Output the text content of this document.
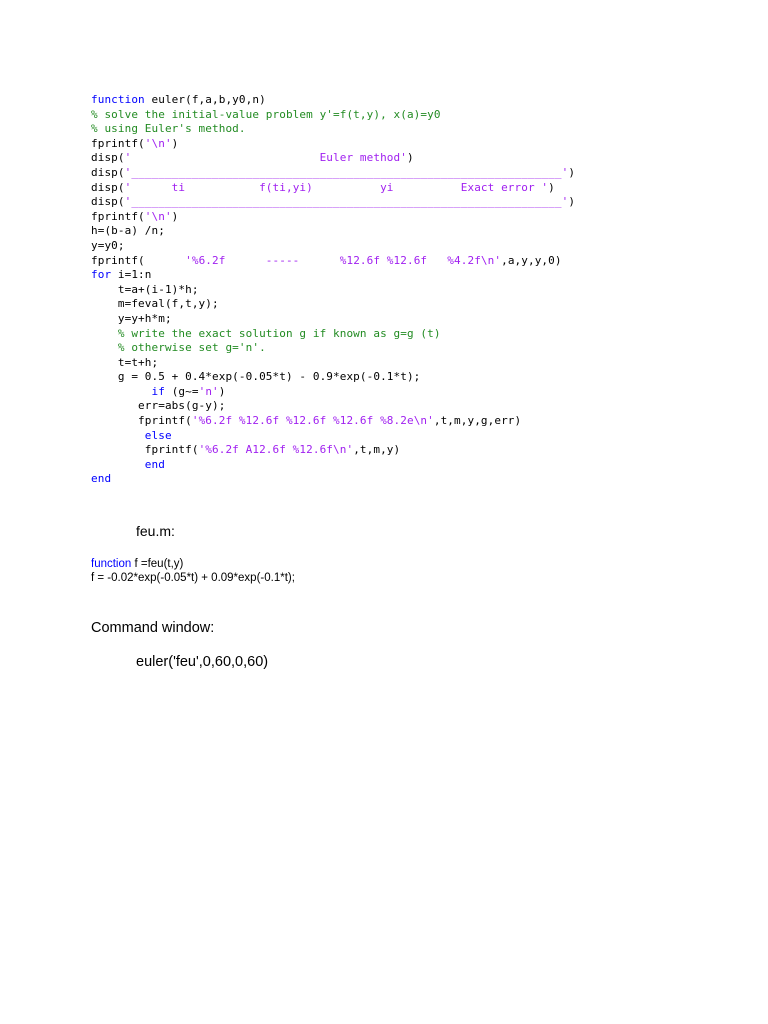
function euler(f,a,b,y0,n)
% solve the initial-value problem y'=f(t,y), x(a)=y0
% using Euler's method.
fprintf('\n')
disp('                            Euler method')
disp('________________________________________________________________')
disp('      ti           f(ti,yi)          yi          Exact error ')
disp('________________________________________________________________')
fprintf('\n')
h=(b-a) /n;
y=y0;
fprintf(      '%6.2f      -----      %12.6f %12.6f   %4.2f\n',a,y,y,0)
for i=1:n
t=a+(i-1)*h;
m=feval(f,t,y);
y=y+h*m;
% write the exact solution g if known as g=g (t)
% otherwise set g='n'.
t=t+h;
g = 0.5 + 0.4*exp(-0.05*t) - 0.9*exp(-0.1*t);
if (g~='n')
err=abs(g-y);
fprintf('%6.2f %12.6f %12.6f %12.6f %8.2e\n',t,m,y,g,err)
else
fprintf('%6.2f A12.6f %12.6f\n',t,m,y)
end
end
feu.m:
function f =feu(t,y)
f = -0.02*exp(-0.05*t) + 0.09*exp(-0.1*t);
Command window:
euler('feu',0,60,0,60)
